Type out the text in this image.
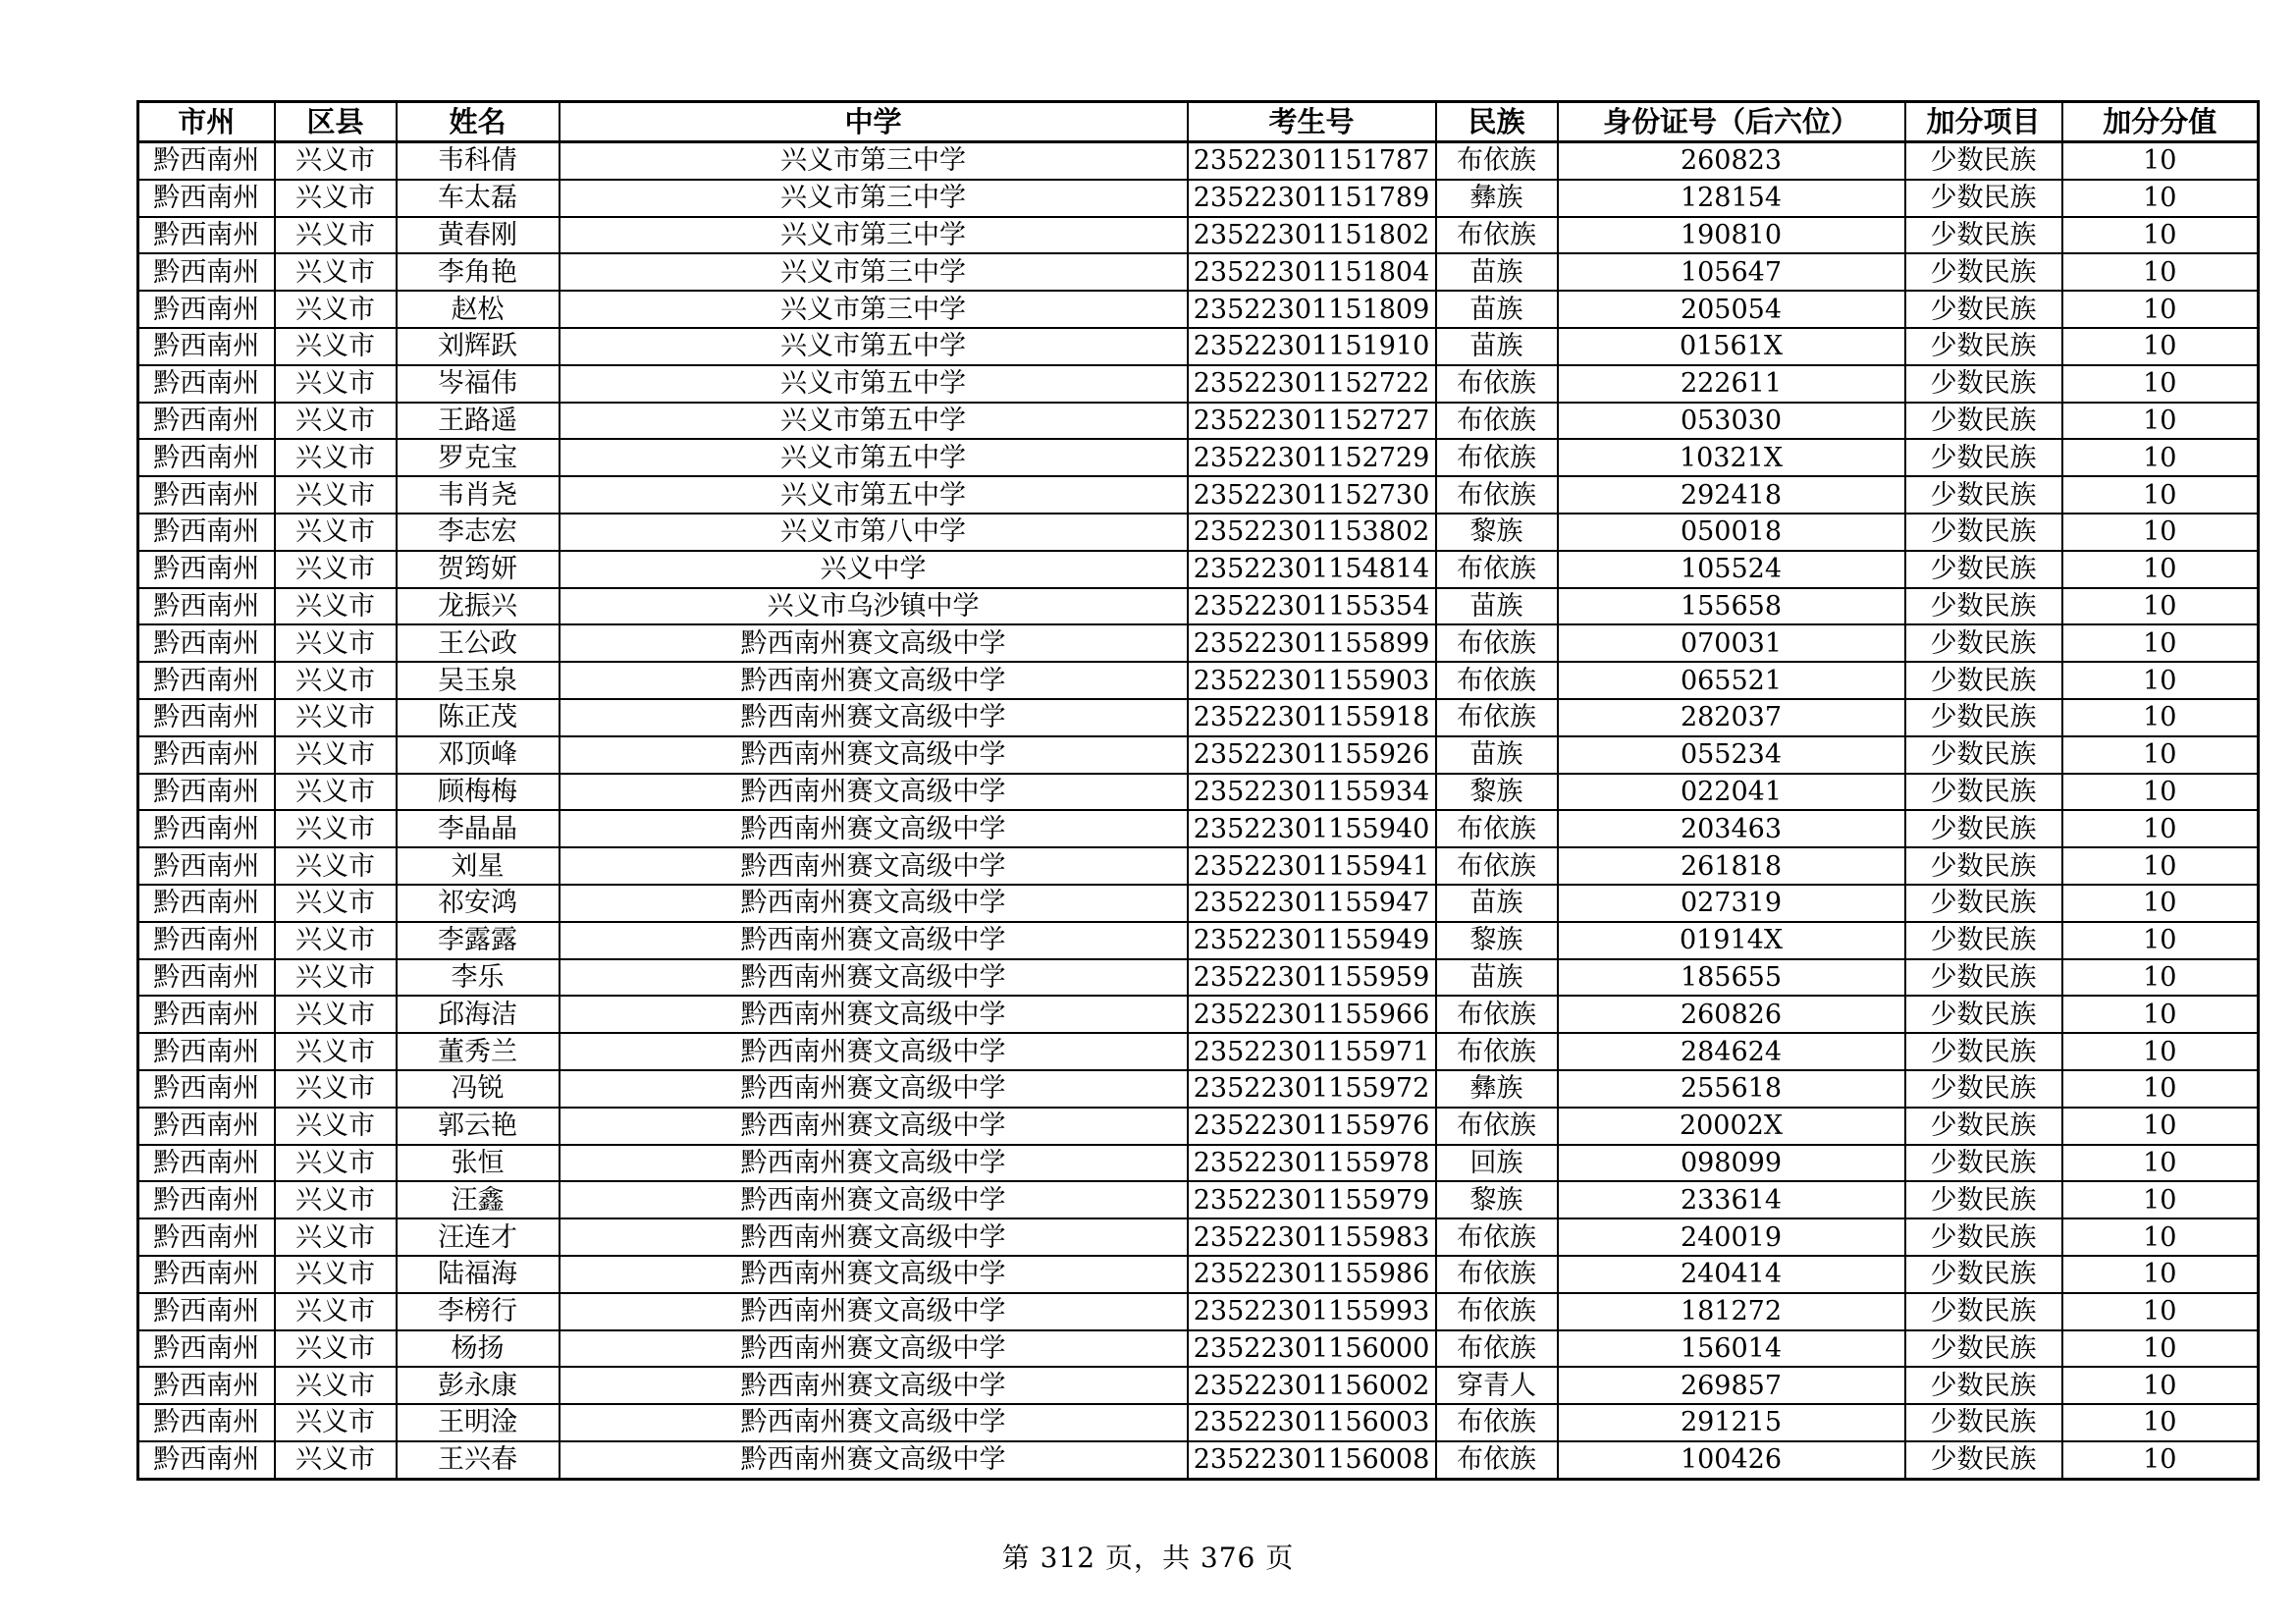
市州	区县	姓名	中学	考生号	民族	身份证号（后六位）	加分项目	加分分值
黔西南州	兴义市	韦科倩	兴义市第三中学	23522301151787	布依族	260823	少数民族	10
黔西南州	兴义市	车太磊	兴义市第三中学	23522301151789	彝族	128154	少数民族	10
黔西南州	兴义市	黄春刚	兴义市第三中学	23522301151802	布依族	190810	少数民族	10
黔西南州	兴义市	李角艳	兴义市第三中学	23522301151804	苗族	105647	少数民族	10
黔西南州	兴义市	赵松	兴义市第三中学	23522301151809	苗族	205054	少数民族	10
黔西南州	兴义市	刘辉跃	兴义市第五中学	23522301151910	苗族	01561X	少数民族	10
黔西南州	兴义市	岑福伟	兴义市第五中学	23522301152722	布依族	222611	少数民族	10
黔西南州	兴义市	王路遥	兴义市第五中学	23522301152727	布依族	053030	少数民族	10
黔西南州	兴义市	罗克宝	兴义市第五中学	23522301152729	布依族	10321X	少数民族	10
黔西南州	兴义市	韦肖尧	兴义市第五中学	23522301152730	布依族	292418	少数民族	10
黔西南州	兴义市	李志宏	兴义市第八中学	23522301153802	黎族	050018	少数民族	10
黔西南州	兴义市	贺筠妍	兴义中学	23522301154814	布依族	105524	少数民族	10
黔西南州	兴义市	龙振兴	兴义市乌沙镇中学	23522301155354	苗族	155658	少数民族	10
黔西南州	兴义市	王公政	黔西南州赛文高级中学	23522301155899	布依族	070031	少数民族	10
黔西南州	兴义市	吴玉泉	黔西南州赛文高级中学	23522301155903	布依族	065521	少数民族	10
黔西南州	兴义市	陈正茂	黔西南州赛文高级中学	23522301155918	布依族	282037	少数民族	10
黔西南州	兴义市	邓顶峰	黔西南州赛文高级中学	23522301155926	苗族	055234	少数民族	10
黔西南州	兴义市	顾梅梅	黔西南州赛文高级中学	23522301155934	黎族	022041	少数民族	10
黔西南州	兴义市	李晶晶	黔西南州赛文高级中学	23522301155940	布依族	203463	少数民族	10
黔西南州	兴义市	刘星	黔西南州赛文高级中学	23522301155941	布依族	261818	少数民族	10
黔西南州	兴义市	祁安鸿	黔西南州赛文高级中学	23522301155947	苗族	027319	少数民族	10
黔西南州	兴义市	李露露	黔西南州赛文高级中学	23522301155949	黎族	01914X	少数民族	10
黔西南州	兴义市	李乐	黔西南州赛文高级中学	23522301155959	苗族	185655	少数民族	10
黔西南州	兴义市	邱海洁	黔西南州赛文高级中学	23522301155966	布依族	260826	少数民族	10
黔西南州	兴义市	董秀兰	黔西南州赛文高级中学	23522301155971	布依族	284624	少数民族	10
黔西南州	兴义市	冯锐	黔西南州赛文高级中学	23522301155972	彝族	255618	少数民族	10
黔西南州	兴义市	郭云艳	黔西南州赛文高级中学	23522301155976	布依族	20002X	少数民族	10
黔西南州	兴义市	张恒	黔西南州赛文高级中学	23522301155978	回族	098099	少数民族	10
黔西南州	兴义市	汪鑫	黔西南州赛文高级中学	23522301155979	黎族	233614	少数民族	10
黔西南州	兴义市	汪连才	黔西南州赛文高级中学	23522301155983	布依族	240019	少数民族	10
黔西南州	兴义市	陆福海	黔西南州赛文高级中学	23522301155986	布依族	240414	少数民族	10
黔西南州	兴义市	李榜行	黔西南州赛文高级中学	23522301155993	布依族	181272	少数民族	10
黔西南州	兴义市	杨扬	黔西南州赛文高级中学	23522301156000	布依族	156014	少数民族	10
黔西南州	兴义市	彭永康	黔西南州赛文高级中学	23522301156002	穿青人	269857	少数民族	10
黔西南州	兴义市	王明淦	黔西南州赛文高级中学	23522301156003	布依族	291215	少数民族	10
黔西南州	兴义市	王兴春	黔西南州赛文高级中学	23522301156008	布依族	100426	少数民族	10
第 312 页，共 376 页
